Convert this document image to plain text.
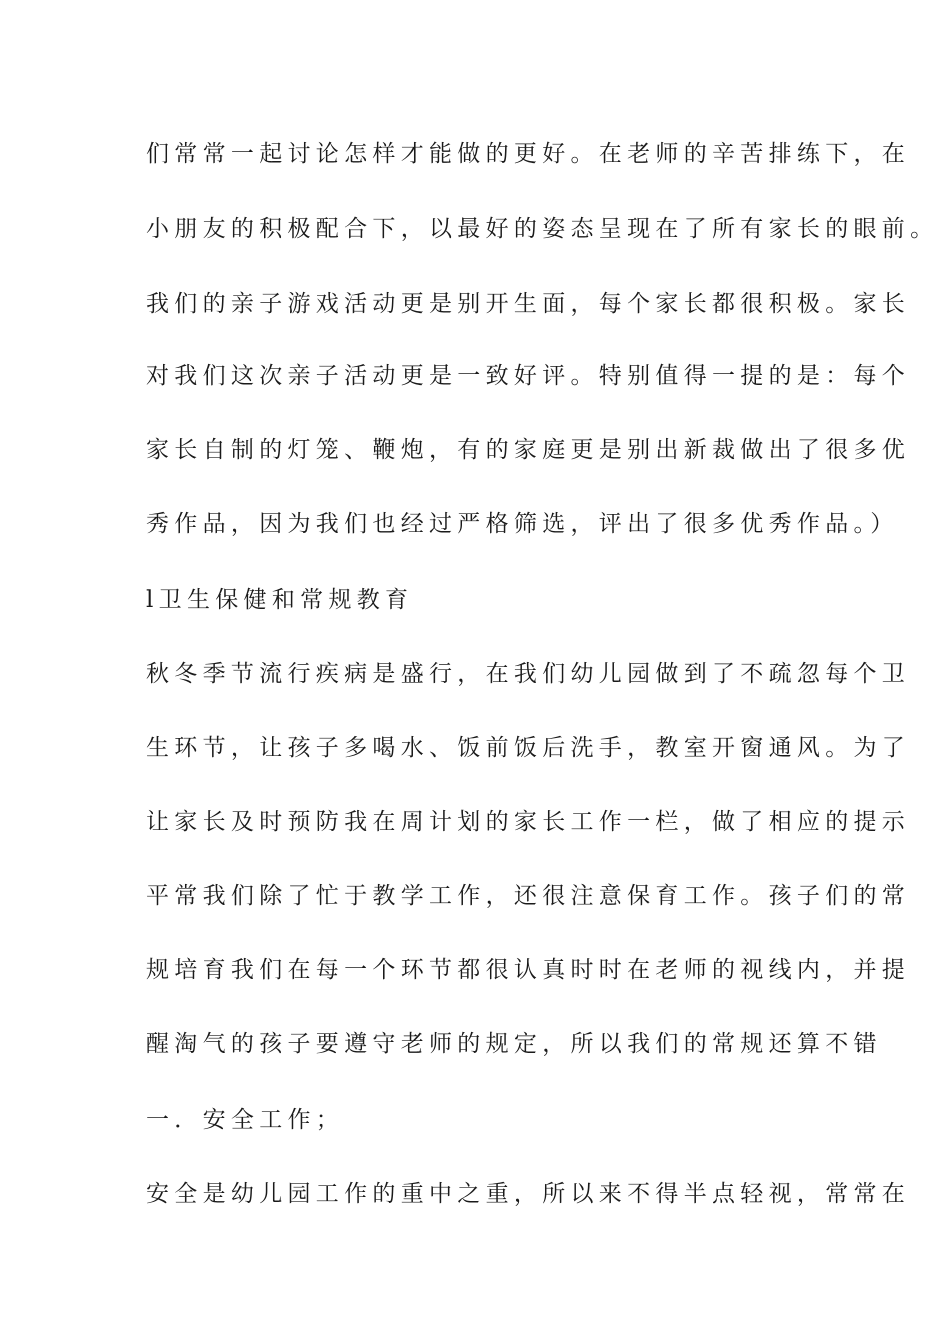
们常常一起讨论怎样才能做的更好。在老师的辛苦排练下，在
小朋友的积极配合下，以最好的姿态呈现在了所有家长的眼前。
我们的亲子游戏活动更是别开生面，每个家长都很积极。家长
对我们这次亲子活动更是一致好评。特别值得一提的是：每个
家长自制的灯笼、鞭炮，有的家庭更是别出新裁做出了很多优
秀作品，因为我们也经过严格筛选，评出了很多优秀作品。）
l卫生保健和常规教育
秋冬季节流行疾病是盛行，在我们幼儿园做到了不疏忽每个卫
生环节，让孩子多喝水、饭前饭后洗手，教室开窗通风。为了
让家长及时预防我在周计划的家长工作一栏，做了相应的提示
平常我们除了忙于教学工作，还很注意保育工作。孩子们的常
规培育我们在每一个环节都很认真时时在老师的视线内，并提
醒淘气的孩子要遵守老师的规定，所以我们的常规还算不错
一．安全工作；
安全是幼儿园工作的重中之重，所以来不得半点轻视，常常在
